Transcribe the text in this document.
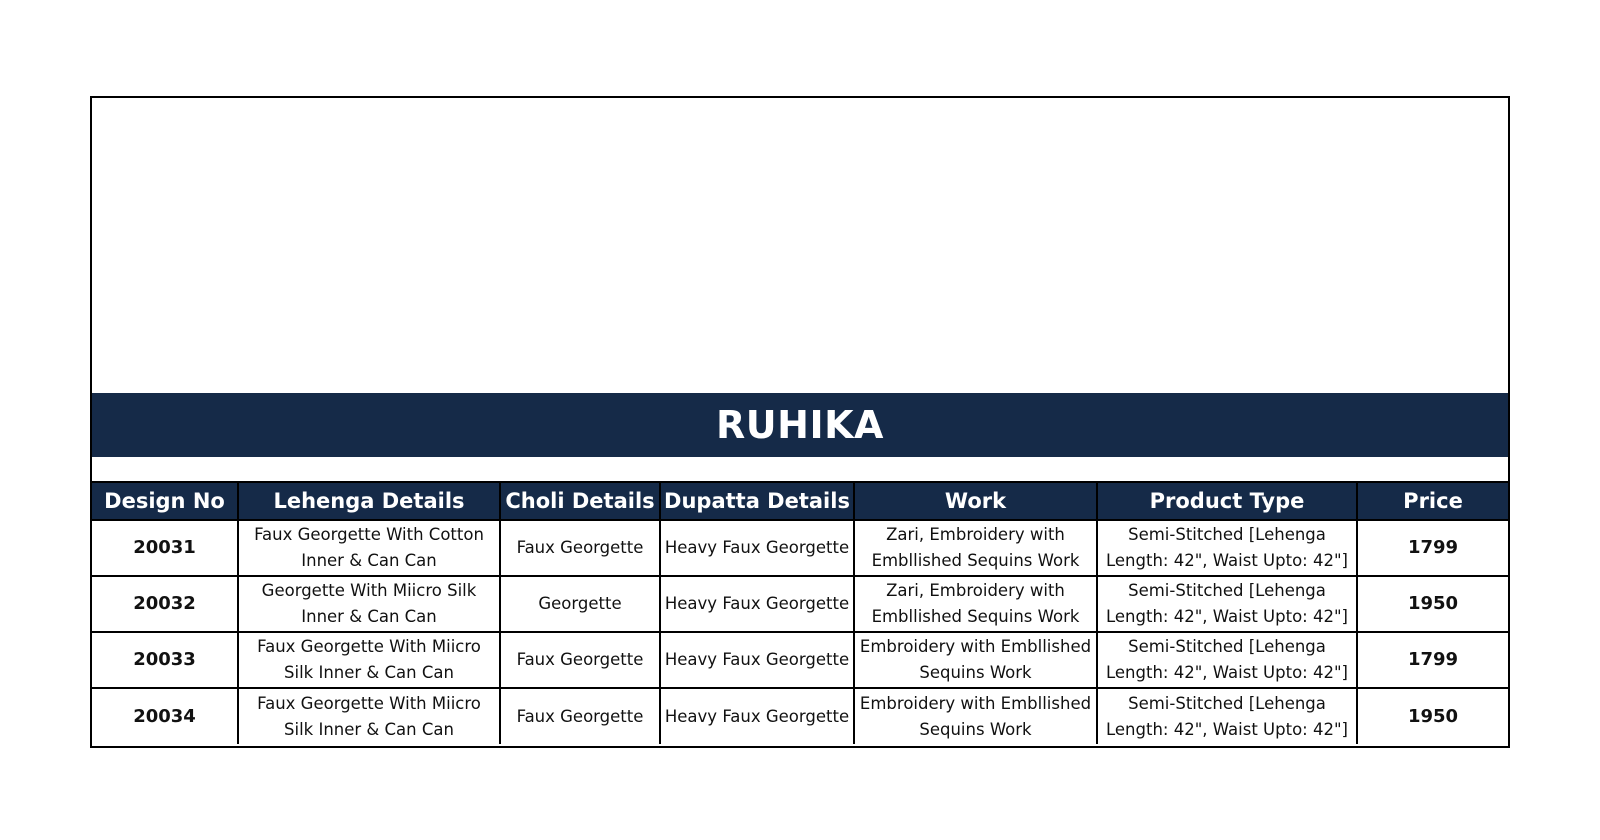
RUHIKA
Design No	Lehenga Details	Choli Details	Dupatta Details	Work	Product Type	Price
20031	Faux Georgette With Cotton Inner & Can Can	Faux Georgette	Heavy Faux Georgette	Zari, Embroidery with Embllished Sequins Work	Semi-Stitched [Lehenga Length: 42", Waist Upto: 42"]	1799
20032	Georgette With Miicro Silk Inner & Can Can	Georgette	Heavy Faux Georgette	Zari, Embroidery with Embllished Sequins Work	Semi-Stitched [Lehenga Length: 42", Waist Upto: 42"]	1950
20033	Faux Georgette With Miicro Silk Inner & Can Can	Faux Georgette	Heavy Faux Georgette	Embroidery with Embllished Sequins Work	Semi-Stitched [Lehenga Length: 42", Waist Upto: 42"]	1799
20034	Faux Georgette With Miicro Silk Inner & Can Can	Faux Georgette	Heavy Faux Georgette	Embroidery with Embllished Sequins Work	Semi-Stitched [Lehenga Length: 42", Waist Upto: 42"]	1950
